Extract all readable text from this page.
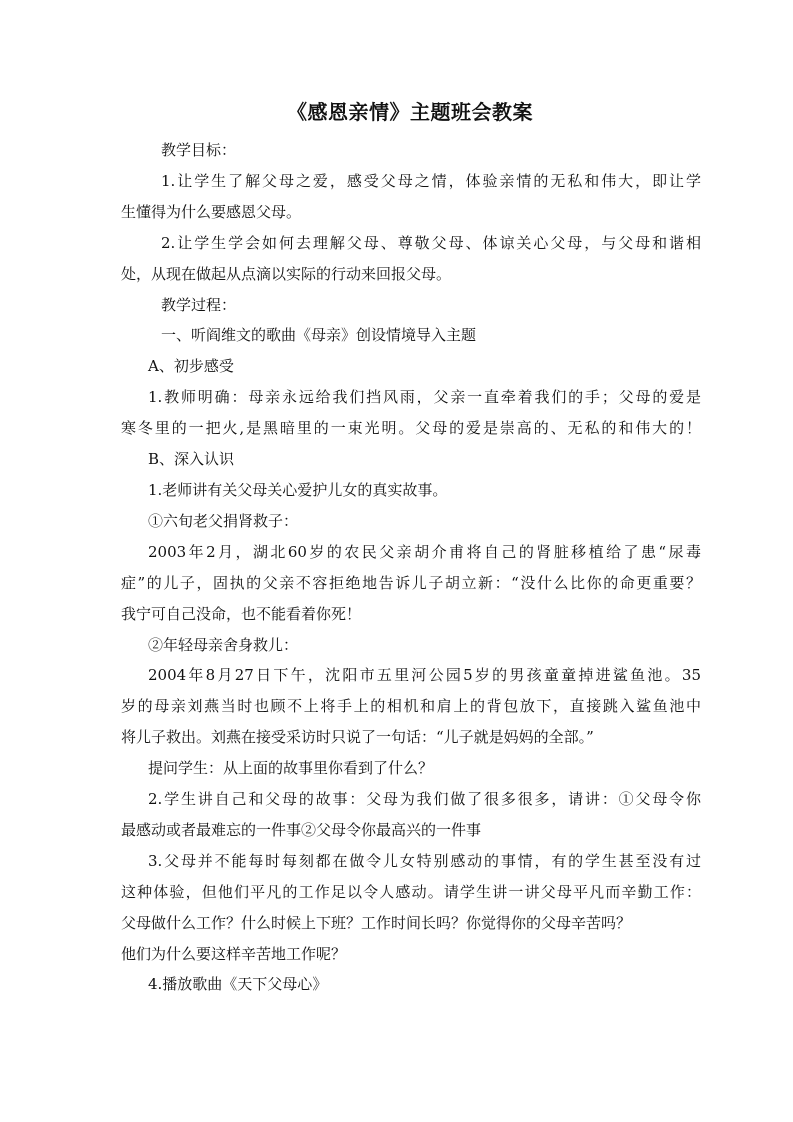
《感恩亲情》主题班会教案
教学目标：
1.让学生了解父母之爱，感受父母之情，体验亲情的无私和伟大，即让学
生懂得为什么要感恩父母。
2.让学生学会如何去理解父母、尊敬父母、体谅关心父母，与父母和谐相
处，从现在做起从点滴以实际的行动来回报父母。
教学过程：
一、听阎维文的歌曲《母亲》创设情境导入主题
A、初步感受
1.教师明确：母亲永远给我们挡风雨，父亲一直牵着我们的手；父母的爱是
寒冬里的一把火,是黑暗里的一束光明。父母的爱是崇高的、无私的和伟大的！
B、深入认识
1.老师讲有关父母关心爱护儿女的真实故事。
①六旬老父捐肾救子：
2003年2月，湖北60岁的农民父亲胡介甫将自己的肾脏移植给了患“尿毒
症”的儿子，固执的父亲不容拒绝地告诉儿子胡立新：“没什么比你的命更重要？
我宁可自己没命，也不能看着你死！
②年轻母亲舍身救儿：
2004年8月27日下午，沈阳市五里河公园5岁的男孩童童掉进鲨鱼池。35
岁的母亲刘燕当时也顾不上将手上的相机和肩上的背包放下，直接跳入鲨鱼池中
将儿子救出。刘燕在接受采访时只说了一句话：“儿子就是妈妈的全部。”
提问学生：从上面的故事里你看到了什么？
2.学生讲自己和父母的故事：父母为我们做了很多很多，请讲：①父母令你
最感动或者最难忘的一件事②父母令你最高兴的一件事
3.父母并不能每时每刻都在做令儿女特别感动的事情，有的学生甚至没有过
这种体验，但他们平凡的工作足以令人感动。请学生讲一讲父母平凡而辛勤工作：
父母做什么工作？什么时候上下班？工作时间长吗？你觉得你的父母辛苦吗？
他们为什么要这样辛苦地工作呢？
4.播放歌曲《天下父母心》
